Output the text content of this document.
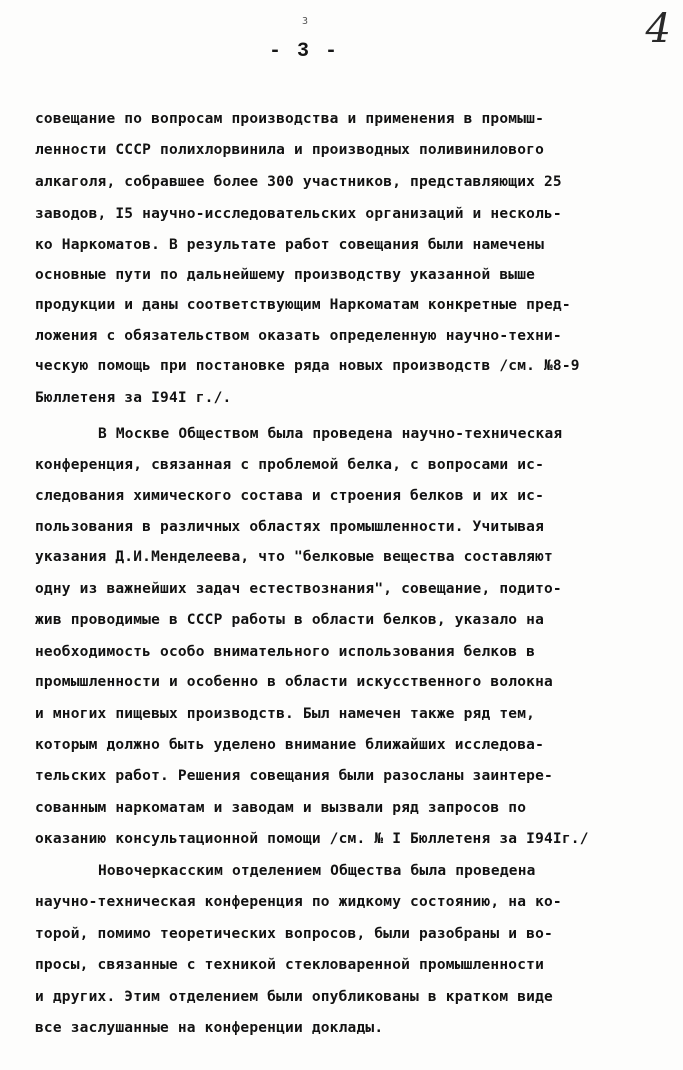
3
- 3 -	4
совещание по вопросам производства и применения в промыш-
ленности СССР полихлорвинила и производных поливинилового
алкаголя, собравшее более 300 участников, представляющих 25
заводов, I5 научно-исследовательских организаций и несколь-
ко Наркоматов. В результате работ совещания были намечены
основные пути по дальнейшему производству указанной выше
продукции и даны соответствующим Наркоматам конкретные пред-
ложения с обязательством оказать определенную научно-техни-
ческую помощь при постановке ряда новых производств /см. №8-9
Бюллетеня за I94I г./.
В Москве Обществом была проведена научно-техническая
конференция, связанная с проблемой белка, с вопросами ис-
следования химического состава и строения белков и их ис-
пользования в различных областях промышленности. Учитывая
указания Д.И.Менделеева, что "белковые вещества составляют
одну из важнейших задач естествознания", совещание, подито-
жив проводимые в СССР работы в области белков, указало на
необходимость особо внимательного использования белков в
промышленности и особенно в области искусственного волокна
и многих пищевых производств. Был намечен также ряд тем,
которым должно быть уделено внимание ближайших исследова-
тельских работ. Решения совещания были разосланы заинтере-
сованным наркоматам и заводам и вызвали ряд запросов по
оказанию консультационной помощи /см. № I Бюллетеня за I94Iг./
Новочеркасским отделением Общества была проведена
научно-техническая конференция по жидкому состоянию, на ко-
торой, помимо теоретических вопросов, были разобраны и во-
просы, связанные с техникой стекловаренной промышленности
и других. Этим отделением были опубликованы в кратком виде
все заслушанные на конференции доклады.
